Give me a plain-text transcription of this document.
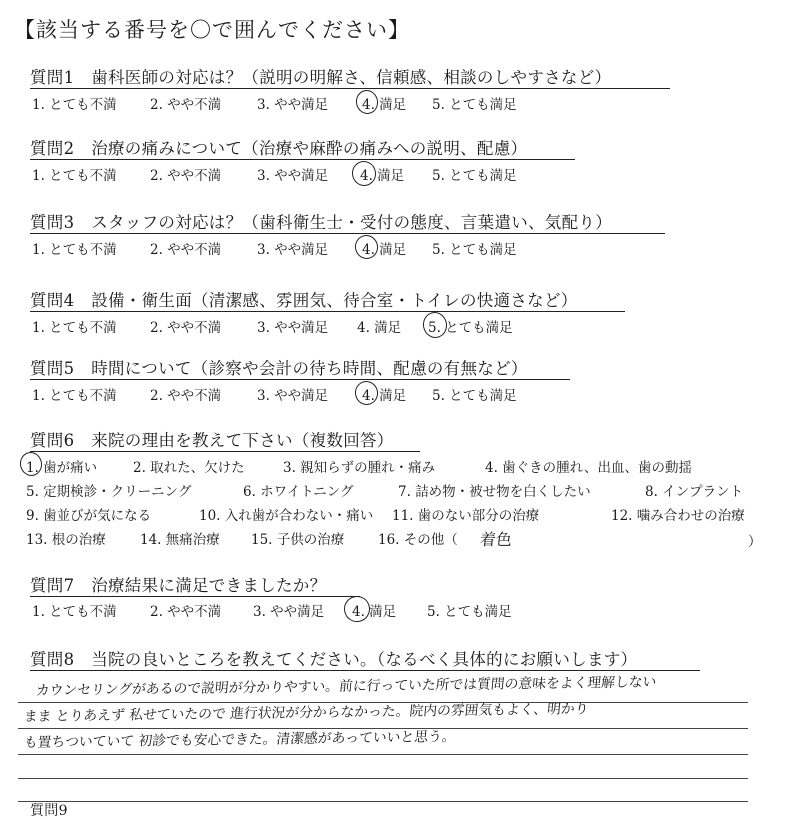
【該当する番号を〇で囲んでください】
質問1　歯科医師の対応は？（説明の明解さ、信頼感、相談のしやすさなど）
1. とても不満 2. やや不満	3. やや満足	4. 満足 5. とても満足
質問2　治療の痛みについて（治療や麻酔の痛みへの説明、配慮）
1. とても不満 2. やや不満	3. やや満足 4. 満足 5. とても満足
質問3　スタッフの対応は？（歯科衛生士・受付の態度、言葉遣い、気配り）
1. とても不満 2. やや不満	3. やや満足	4. 満足 5. とても満足
質問4　設備・衛生面（清潔感、雰囲気、待合室・トイレの快適さなど）
1. とても不満 2. やや不満	3. やや満足 4. 満足 5. とても満足
質問5　時間について（診察や会計の待ち時間、配慮の有無など）
1. とても不満 2. やや不満	3. やや満足	4. 満足 5. とても満足
質問6　来院の理由を教えて下さい（複数回答）
1. 歯が痛い	2. 取れた、欠けた	3. 親知らずの腫れ・痛み	4. 歯ぐきの腫れ、出血、歯の動揺
5. 定期検診・クリーニング	6. ホワイトニング	7. 詰め物・被せ物を白くしたい	8. インプラント
9. 歯並びが気になる	10. 入れ歯が合わない・痛い 11. 歯のない部分の治療	12. 噛み合わせの治療
13. 根の治療	14. 無痛治療 15. 子供の治療 16. その他（ 着色	）
質問7　治療結果に満足できましたか？
1. とても不満 2. やや不満 3. やや満足 4. 満足 5. とても満足
質問8　当院の良いところを教えてください。（なるべく具体的にお願いします）
カウンセリングがあるので説明が分かりやすい。前に行っていた所では質問の意味をよく理解しない
まま とりあえず 私せていたので 進行状況が分からなかった。院内の雰囲気もよく、明かり
も置ちついていて 初診でも安心できた。清潔感があっていいと思う。
質問9
